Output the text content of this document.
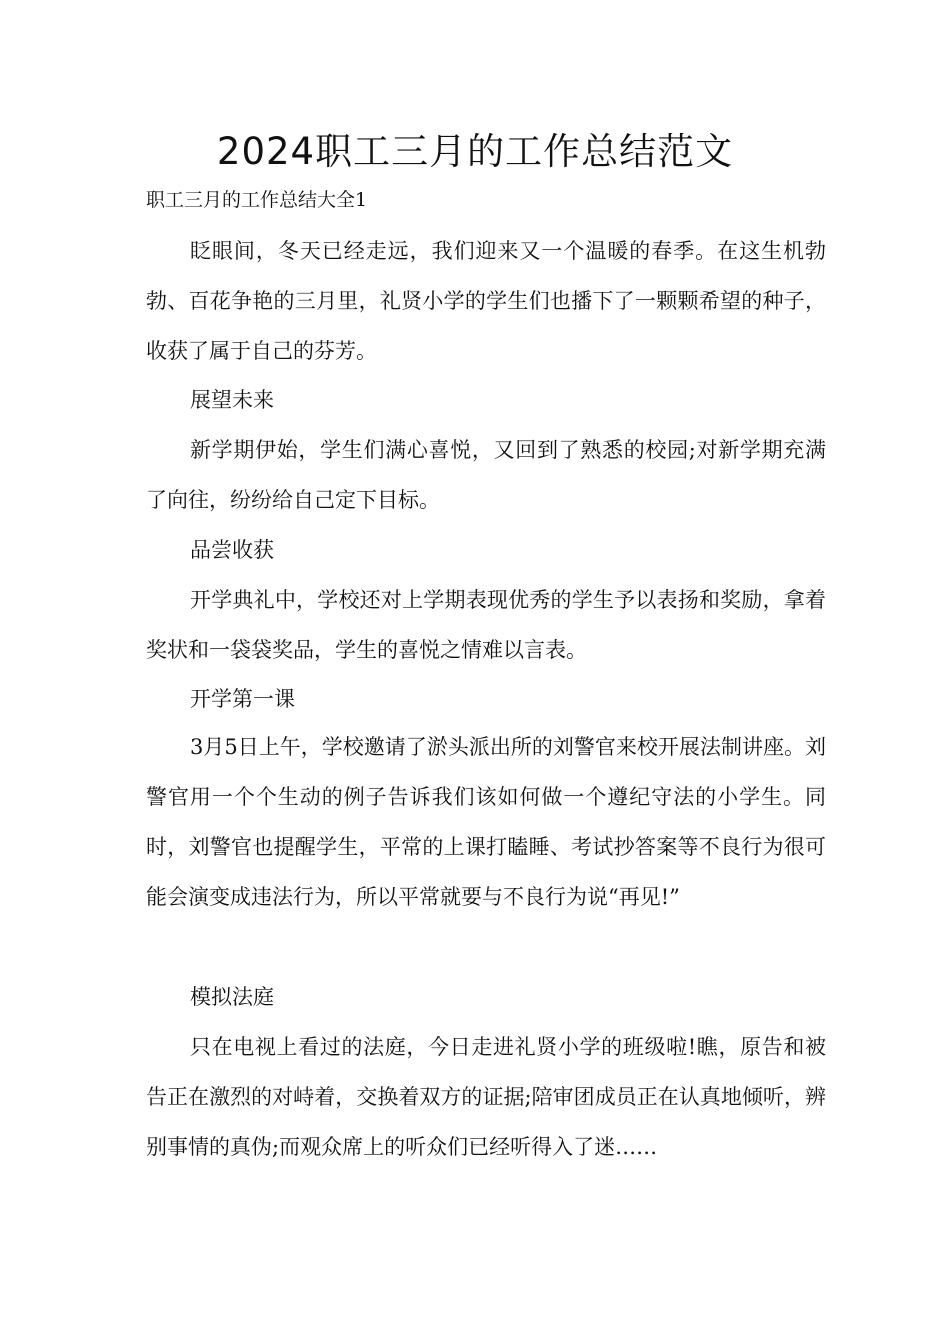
2024职工三月的工作总结范文
职工三月的工作总结大全1

眨眼间，冬天已经走远，我们迎来又一个温暖的春季。在这生机勃勃、百花争艳的三月里，礼贤小学的学生们也播下了一颗颗希望的种子，收获了属于自己的芬芳。

展望未来

新学期伊始，学生们满心喜悦，又回到了熟悉的校园;对新学期充满了向往，纷纷给自己定下目标。

品尝收获

开学典礼中，学校还对上学期表现优秀的学生予以表扬和奖励，拿着奖状和一袋袋奖品，学生的喜悦之情难以言表。

开学第一课

3月5日上午，学校邀请了淤头派出所的刘警官来校开展法制讲座。刘警官用一个个生动的例子告诉我们该如何做一个遵纪守法的小学生。同时，刘警官也提醒学生，平常的上课打瞌睡、考试抄答案等不良行为很可能会演变成违法行为，所以平常就要与不良行为说“再见!”

模拟法庭

只在电视上看过的法庭，今日走进礼贤小学的班级啦!瞧，原告和被告正在激烈的对峙着，交换着双方的证据;陪审团成员正在认真地倾听，辨别事情的真伪;而观众席上的听众们已经听得入了迷……
